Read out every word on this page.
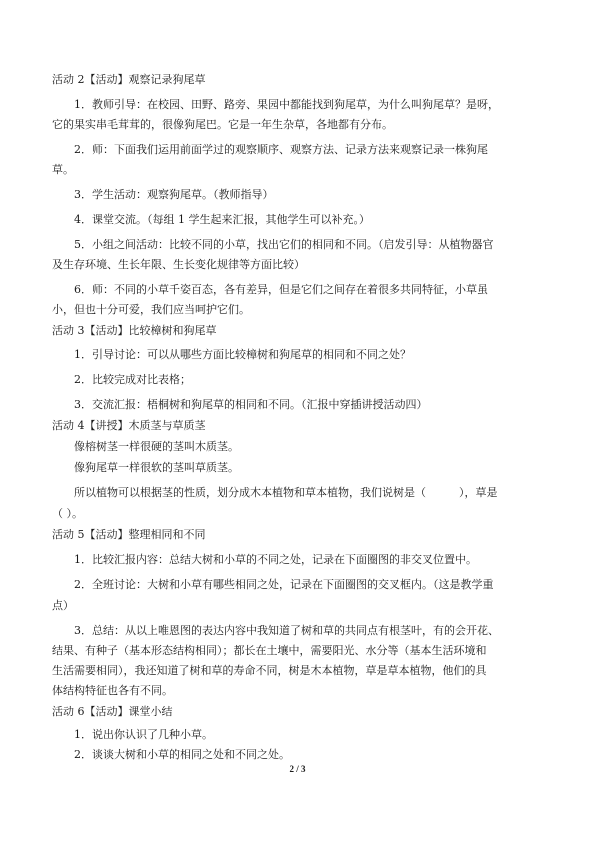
活动 2【活动】观察记录狗尾草
1．教师引导：在校园、田野、路旁、果园中都能找到狗尾草，为什么叫狗尾草？是呀，
它的果实串毛茸茸的，很像狗尾巴。它是一年生杂草，各地都有分布。
2．师：下面我们运用前面学过的观察顺序、观察方法、记录方法来观察记录一株狗尾
草。
3．学生活动：观察狗尾草。（教师指导）
4．课堂交流。（每组 1 学生起来汇报，其他学生可以补充。）
5．小组之间活动：比较不同的小草，找出它们的相同和不同。（启发引导：从植物器官
及生存环境、生长年限、生长变化规律等方面比较）
6．师：不同的小草千姿百态，各有差异，但是它们之间存在着很多共同特征，小草虽
小，但也十分可爱，我们应当呵护它们。
活动 3【活动】比较樟树和狗尾草
1．引导讨论：可以从哪些方面比较樟树和狗尾草的相同和不同之处？
2．比较完成对比表格；
3．交流汇报：梧桐树和狗尾草的相同和不同。（汇报中穿插讲授活动四）
活动 4【讲授】木质茎与草质茎
像榕树茎一样很硬的茎叫木质茎。
像狗尾草一样很软的茎叫草质茎。
所以植物可以根据茎的性质，划分成木本植物和草本植物，我们说树是（　　　），草是
（ ）。
活动 5【活动】整理相同和不同
1．比较汇报内容：总结大树和小草的不同之处，记录在下面圈图的非交叉位置中。
2．全班讨论：大树和小草有哪些相同之处，记录在下面圈图的交叉框内。（这是教学重
点）
3．总结：从以上唯恩图的表达内容中我知道了树和草的共同点有根茎叶，有的会开花、
结果、有种子（基本形态结构相同）；都长在土壤中，需要阳光、水分等（基本生活环境和
生活需要相同），我还知道了树和草的寿命不同，树是木本植物，草是草本植物，他们的具
体结构特征也各有不同。
活动 6【活动】课堂小结
1．说出你认识了几种小草。
2．谈谈大树和小草的相同之处和不同之处。
2 / 3
